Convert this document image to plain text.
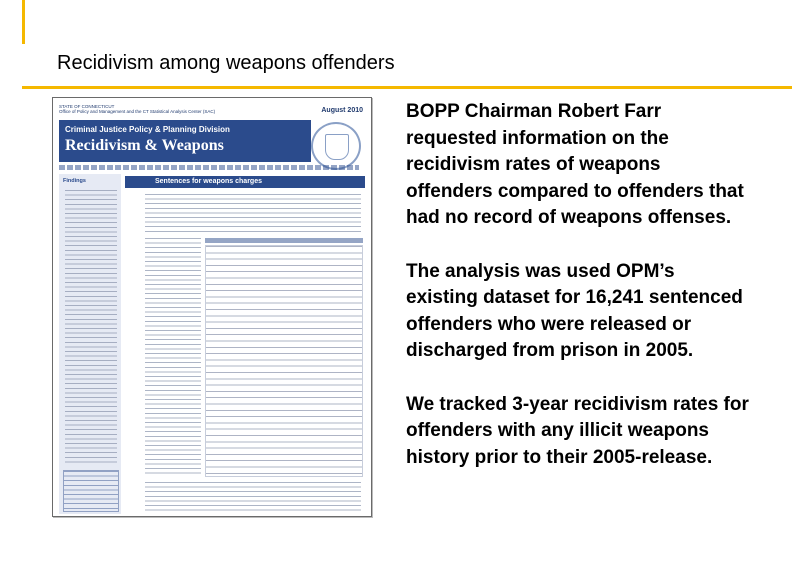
Recidivism among weapons offenders
STATE OF CONNECTICUT
Office of Policy and Management and the CT Statistical Analysis Center (SAC)	August 2010
Criminal Justice Policy & Planning Division
Recidivism & Weapons
Findings	Sentences for weapons charges

BOPP Chairman Robert Farr requested information on the recidivism rates of weapons offenders compared to offenders that had no record of weapons offenses.

The analysis was used OPM’s existing dataset for 16,241 sentenced offenders who were released or discharged from prison in 2005.

We tracked 3-year recidivism rates for offenders with any illicit weapons history prior to their 2005-release.
